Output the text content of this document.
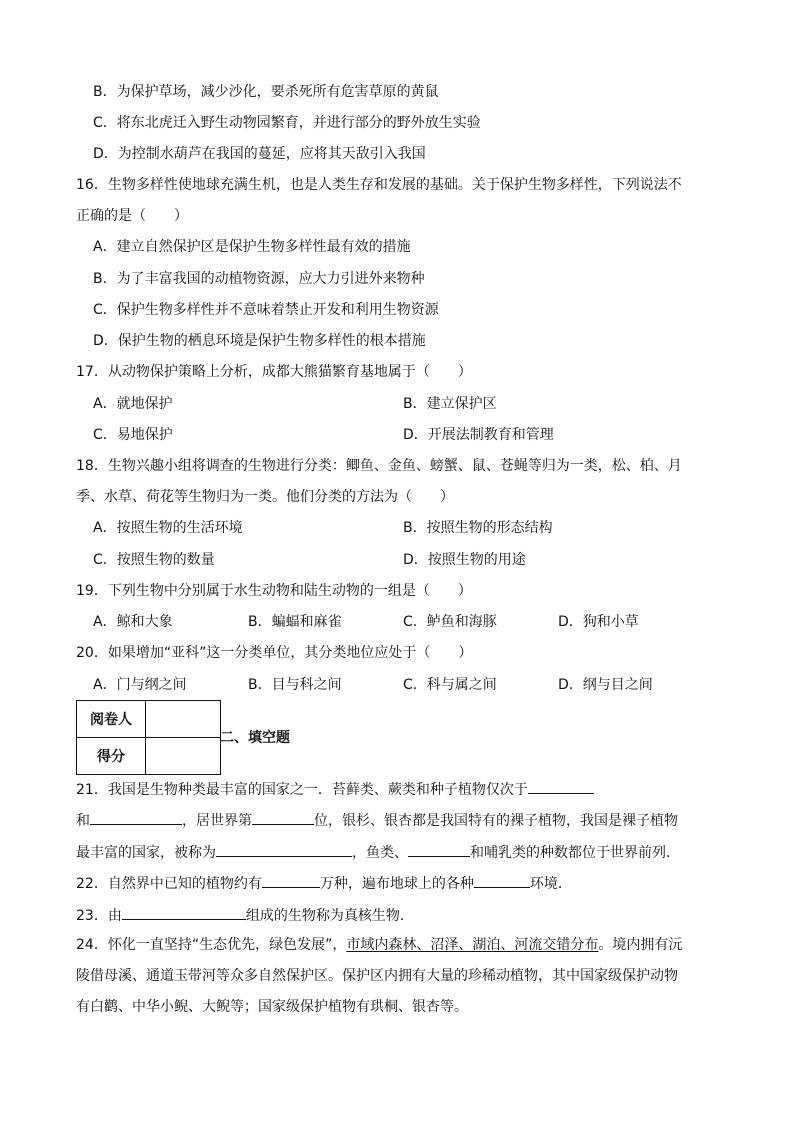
B．为保护草场，减少沙化，要杀死所有危害草原的黄鼠
C．将东北虎迁入野生动物园繁育，并进行部分的野外放生实验
D．为控制水葫芦在我国的蔓延，应将其天敌引入我国
16．生物多样性使地球充满生机，也是人类生存和发展的基础。关于保护生物多样性，下列说法不
正确的是（　　）
A．建立自然保护区是保护生物多样性最有效的措施
B．为了丰富我国的动植物资源，应大力引进外来物种
C．保护生物多样性并不意味着禁止开发和利用生物资源
D．保护生物的栖息环境是保护生物多样性的根本措施
17．从动物保护策略上分析，成都大熊猫繁育基地属于（　　）
A．就地保护	B．建立保护区
C．易地保护	D．开展法制教育和管理
18．生物兴趣小组将调查的生物进行分类：鲫鱼、金鱼、螃蟹、鼠、苍蝇等归为一类，松、柏、月
季、水草、荷花等生物归为一类。他们分类的方法为（　　）
A．按照生物的生活环境	B．按照生物的形态结构
C．按照生物的数量	D．按照生物的用途
19．下列生物中分别属于水生动物和陆生动物的一组是（　　）
A．鲸和大象	B．蝙蝠和麻雀	C．鲈鱼和海豚	D．狗和小草
20．如果增加“亚科”这一分类单位，其分类地位应处于（　　）
A．门与纲之间	B．目与科之间	C．科与属之间	D．纲与目之间
阅卷人	
得分	
二、填空题
21．我国是生物种类最丰富的国家之一．苔藓类、蕨类和种子植物仅次于
和	，居世界第	位，银杉、银杏都是我国特有的裸子植物，我国是裸子植物
最丰富的国家，被称为	，鱼类、	和哺乳类的种数都位于世界前列．
22．自然界中已知的植物约有	万种，遍布地球上的各种	环境．
23．由	组成的生物称为真核生物．
24．怀化一直坚持“生态优先，绿色发展”，市域内森林、沼泽、湖泊、河流交错分布。境内拥有沅
陵借母溪、通道玉带河等众多自然保护区。保护区内拥有大量的珍稀动植物，其中国家级保护动物
有白鹳、中华小鲵、大鲵等；国家级保护植物有珙桐、银杏等。
